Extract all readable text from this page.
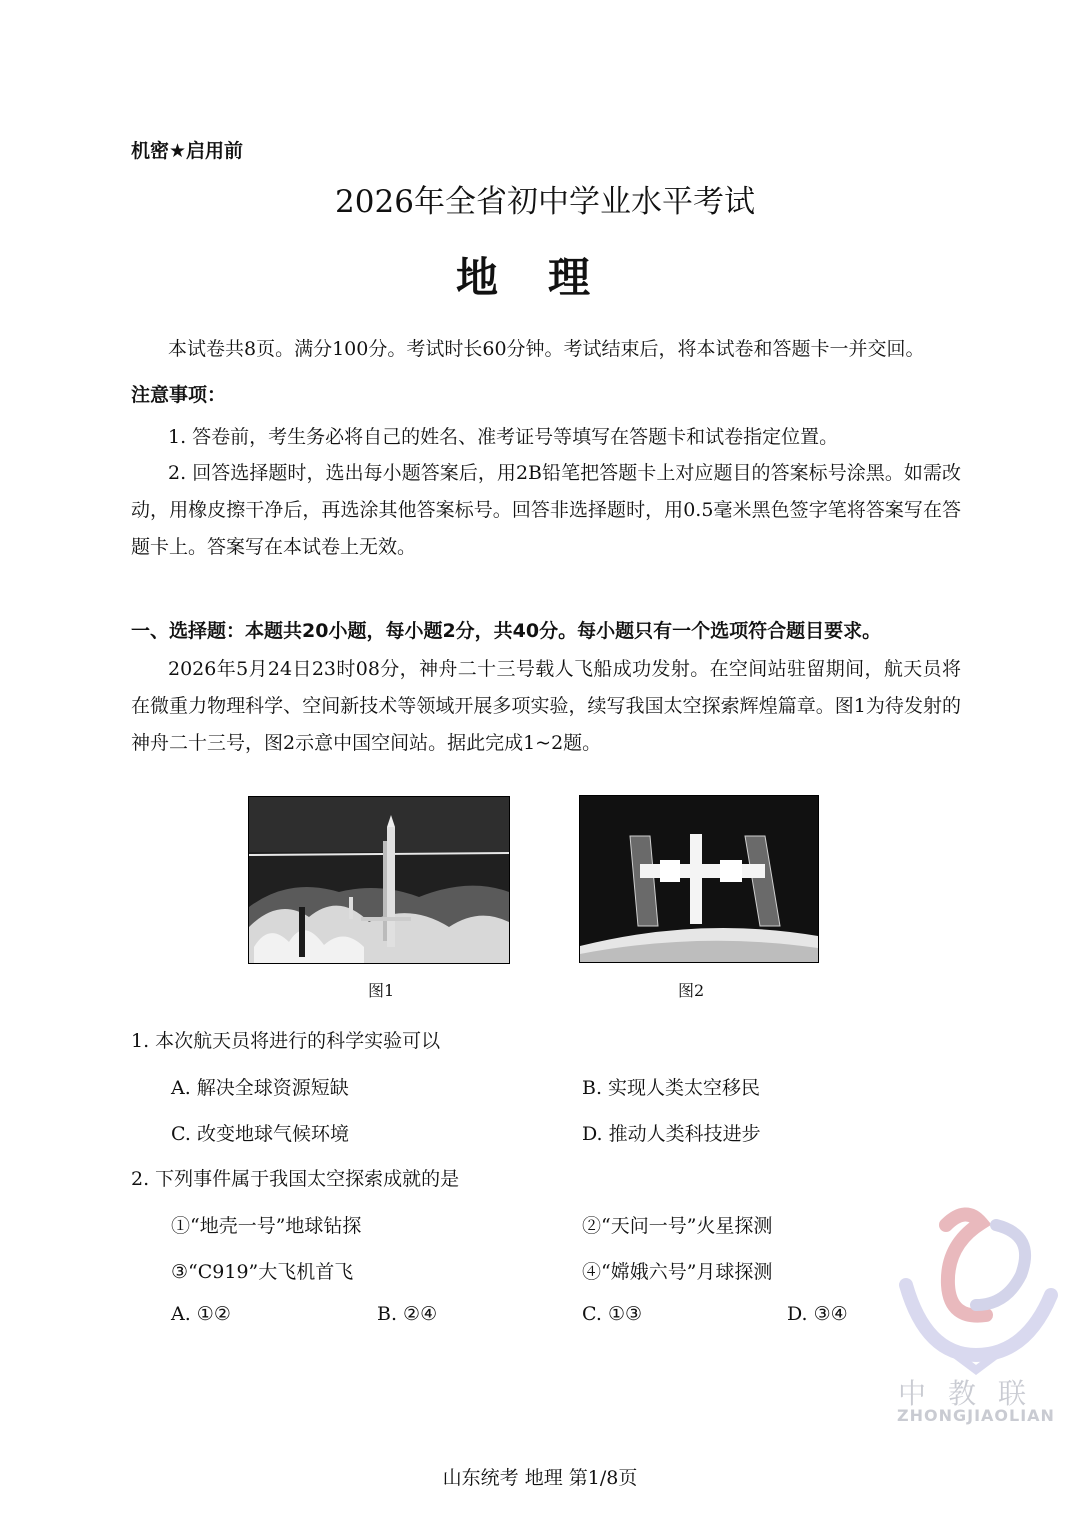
机密★启用前
2026年全省初中学业水平考试
地理
本试卷共8页。满分100分。考试时长60分钟。考试结束后，将本试卷和答题卡一并交回。
注意事项：
1. 答卷前，考生务必将自己的姓名、准考证号等填写在答题卡和试卷指定位置。
2. 回答选择题时，选出每小题答案后，用2B铅笔把答题卡上对应题目的答案标号涂黑。如需改动，用橡皮擦干净后，再选涂其他答案标号。回答非选择题时，用0.5毫米黑色签字笔将答案写在答题卡上。答案写在本试卷上无效。
一、选择题：本题共20小题，每小题2分，共40分。每小题只有一个选项符合题目要求。
2026年5月24日23时08分，神舟二十三号载人飞船成功发射。在空间站驻留期间，航天员将在微重力物理科学、空间新技术等领域开展多项实验，续写我国太空探索辉煌篇章。图1为待发射的神舟二十三号，图2示意中国空间站。据此完成1~2题。
图1	图2
1. 本次航天员将进行的科学实验可以
A. 解决全球资源短缺	B. 实现人类太空移民
C. 改变地球气候环境	D. 推动人类科技进步
2. 下列事件属于我国太空探索成就的是
①“地壳一号”地球钻探	②“天问一号”火星探测
③“C919”大飞机首飞	④“嫦娥六号”月球探测
A. ①②	B. ②④	C. ①③	D. ③④
中教联
ZHONGJIAOLIAN
山东统考 地理 第1/8页
